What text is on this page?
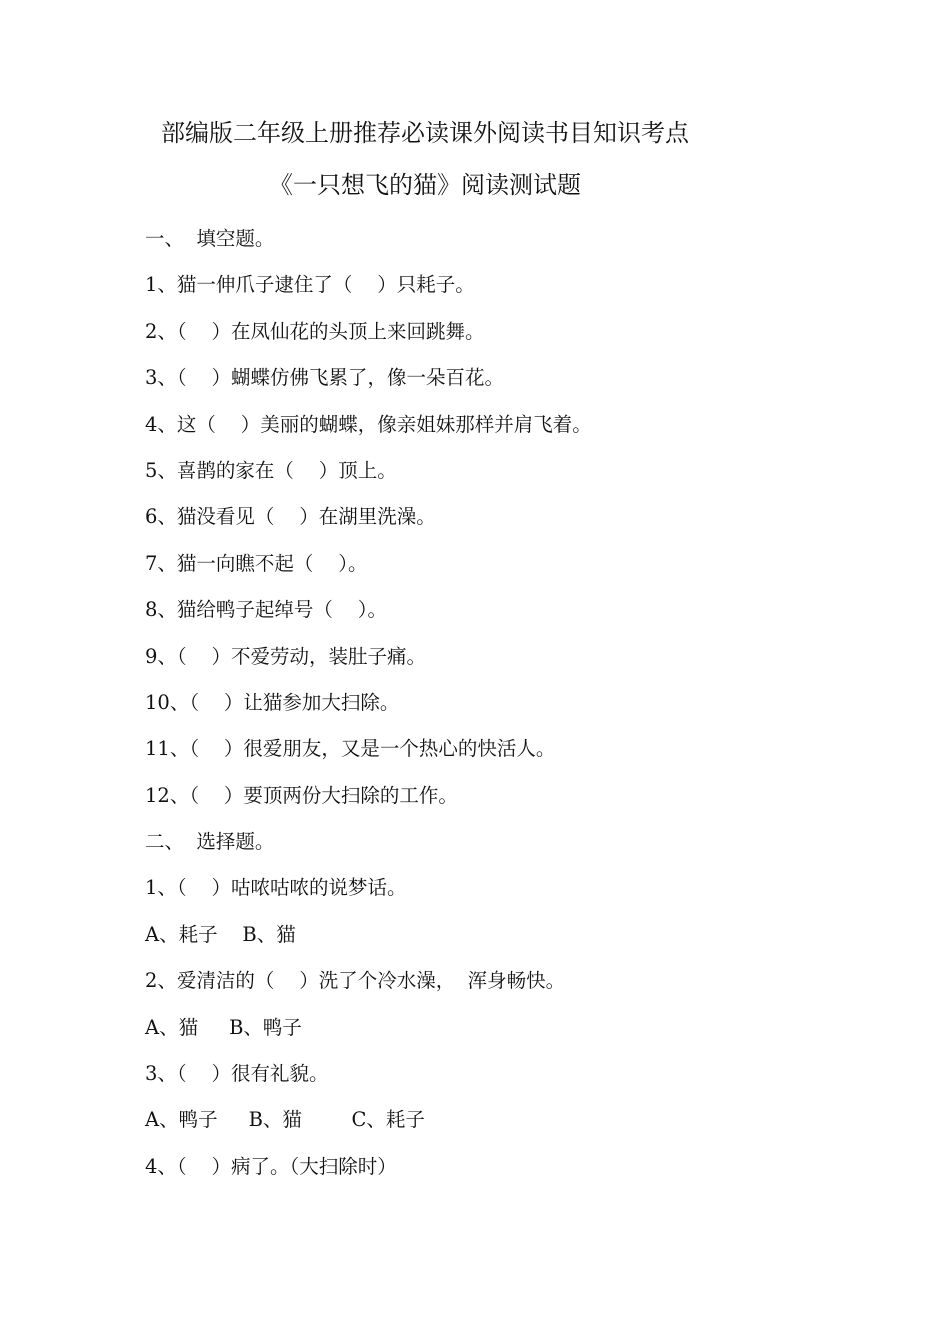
部编版二年级上册推荐必读课外阅读书目知识考点
《一只想飞的猫》阅读测试题
一、  填空题。
1、猫一伸爪子逮住了（    ）只耗子。
2、（    ）在凤仙花的头顶上来回跳舞。
3、（    ）蝴蝶仿佛飞累了，像一朵百花。
4、这（    ）美丽的蝴蝶，像亲姐妹那样并肩飞着。
5、喜鹊的家在（    ）顶上。
6、猫没看见（    ）在湖里洗澡。
7、猫一向瞧不起（    ）。
8、猫给鸭子起绰号（    ）。
9、（    ）不爱劳动，装肚子痛。
10、（    ）让猫参加大扫除。
11、（    ）很爱朋友，又是一个热心的快活人。
12、（    ）要顶两份大扫除的工作。
二、  选择题。
1、（    ）咕哝咕哝的说梦话。
A、耗子    B、猫
2、爱清洁的（    ）洗了个冷水澡，  浑身畅快。
A、猫     B、鸭子
3、（    ）很有礼貌。
A、鸭子     B、猫        C、耗子
4、（    ）病了。（大扫除时）
